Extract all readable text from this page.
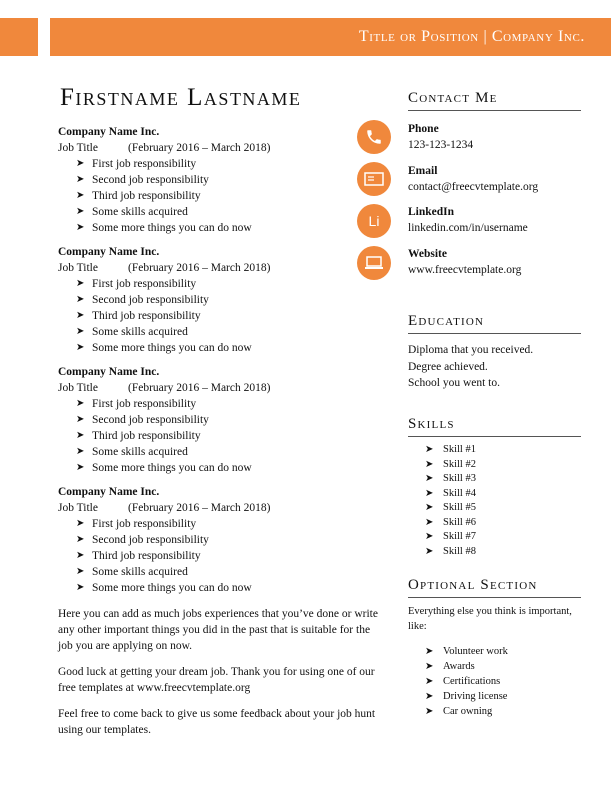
Title or Position | Company Inc.
Firstname Lastname
Company Name Inc.
Job Title	(February 2016 – March 2018)
➤ First job responsibility
➤ Second job responsibility
➤ Third job responsibility
➤ Some skills acquired
➤ Some more things you can do now
Company Name Inc.
Job Title	(February 2016 – March 2018)
➤ First job responsibility
➤ Second job responsibility
➤ Third job responsibility
➤ Some skills acquired
➤ Some more things you can do now
Company Name Inc.
Job Title	(February 2016 – March 2018)
➤ First job responsibility
➤ Second job responsibility
➤ Third job responsibility
➤ Some skills acquired
➤ Some more things you can do now
Company Name Inc.
Job Title	(February 2016 – March 2018)
➤ First job responsibility
➤ Second job responsibility
➤ Third job responsibility
➤ Some skills acquired
➤ Some more things you can do now

Here you can add as much jobs experiences that you’ve done or write any other important things you did in the past that is suitable for the job you are applying on now.

Good luck at getting your dream job. Thank you for using one of our free templates at www.freecvtemplate.org

Feel free to come back to give us some feedback about your job hunt using our templates.

Contact Me
Phone
123-123-1234
Email
contact@freecvtemplate.org
Li
LinkedIn
linkedin.com/in/username
Website
www.freecvtemplate.org
Education
Diploma that you received.
Degree achieved.
School you went to.
Skills
➤ Skill #1
➤ Skill #2
➤ Skill #3
➤ Skill #4
➤ Skill #5
➤ Skill #6
➤ Skill #7
➤ Skill #8
Optional Section
Everything else you think is important, like:
➤ Volunteer work
➤ Awards
➤ Certifications
➤ Driving license
➤ Car owning
